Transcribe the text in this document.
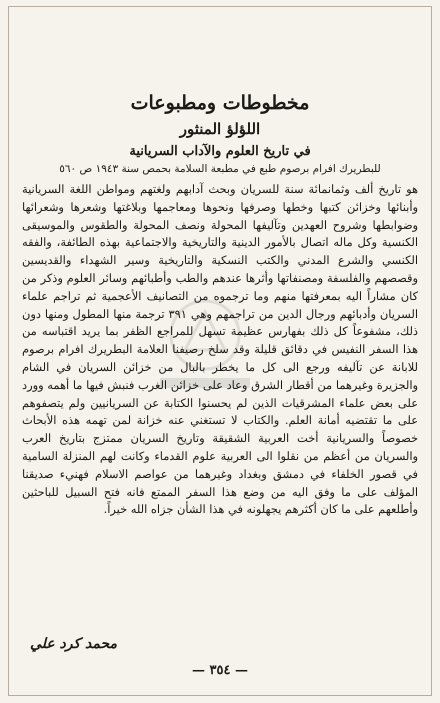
مخطوطات ومطبوعات
اللؤلؤ المنثور
في تاريخ العلوم والآداب السريانية
للبطريرك افرام برصوم طبع في مطبعة السلامة بحمص سنة ١٩٤٣ ص ٥٦٠

هو تاريخ ألف وثمانمائة سنة للسريان وبحث آدابهم ولغتهم ومواطن اللغة السريانية وأبنائها وخزائن كتبها وخطها وصرفها ونحوها ومعاجمها وبلاغتها وشعرها وشعرائها وضوابطها وشروح العهدين وتآليفها المحولة ونصف المحولة والطقوس والموسيقى الكنسية وكل ماله اتصال بالأمور الدينية والتاريخية والاجتماعية بهذه الطائفة، والفقه الكنسي والشرع المدني والكتب النسكية والتاريخية وسير الشهداء والقديسين وقصصهم والفلسفة ومصنفاتها وأثرها عندهم والطب وأطبائهم وسائر العلوم وذكر من كان مشاراً اليه بمعرفتها منهم وما ترجموه من التصانيف الأعجمية ثم تراجم علماء السريان وأدبائهم ورجال الدين من تراجمهم وهي ٣٩١ ترجمة منها المطول ومنها دون ذلك، مشفوعاً كل ذلك بفهارس عظيمة تسهل للمراجع الظفر بما يريد اقتباسه من هذا السفر النفيس في دقائق قليلة وقد سلخ رصيفنا العلامة البطريرك افرام برصوم للابانة عن تآليفه ورجع الى كل ما يخطر بالبال من خزائن السريان في الشام والجزيرة وغيرهما من أقطار الشرق وعاد على خزائن الغرب فنبش فيها ما أهمه وورد على بعض علماء المشرقيات الذين لم يحسنوا الكتابة عن السريانيين ولم يتصفوهم على ما تقتضيه أمانة العلم. والكتاب لا تستغني عنه خزانة لمن تهمه هذه الأبحاث خصوصاً والسريانية أخت العربية الشقيقة وتاريخ السريان ممتزج بتاريخ العرب والسريان من أعظم من نقلوا الى العربية علوم القدماء وكانت لهم المنزلة السامية في قصور الخلفاء في دمشق وبغداد وغيرهما من عواصم الاسلام فهنيء صديقنا المؤلف على ما وفق اليه من وضع هذا السفر الممتع فانه فتح السبيل للباحثين وأطلعهم على ما كان أكثرهم يجهلونه في هذا الشأن جزاه الله خيراً.

محمد كرد علي
— ٣٥٤ —
